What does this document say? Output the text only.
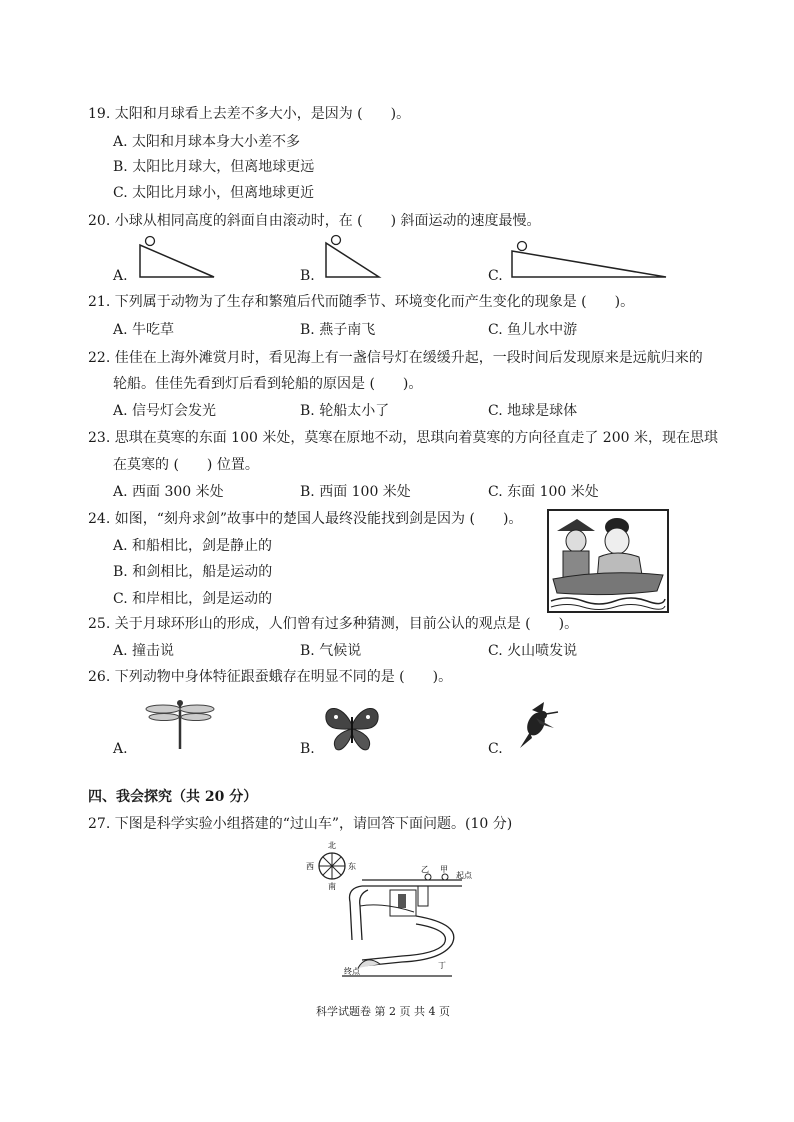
19. 太阳和月球看上去差不多大小，是因为 (　　)。
A. 太阳和月球本身大小差不多
B. 太阳比月球大，但离地球更远
C. 太阳比月球小，但离地球更近
20. 小球从相同高度的斜面自由滚动时，在 (　　) 斜面运动的速度最慢。
A.	B.	C.
21. 下列属于动物为了生存和繁殖后代而随季节、环境变化而产生变化的现象是 (　　)。
A. 牛吃草	B. 燕子南飞	C. 鱼儿水中游
22. 佳佳在上海外滩赏月时，看见海上有一盏信号灯在缓缓升起，一段时间后发现原来是远航归来的
轮船。佳佳先看到灯后看到轮船的原因是 (　　)。
A. 信号灯会发光	B. 轮船太小了	C. 地球是球体
23. 思琪在莫寒的东面 100 米处，莫寒在原地不动，思琪向着莫寒的方向径直走了 200 米，现在思琪
在莫寒的 (　　) 位置。
A. 西面 300 米处	B. 西面 100 米处	C. 东面 100 米处
24. 如图，“刻舟求剑”故事中的楚国人最终没能找到剑是因为 (　　)。
A. 和船相比，剑是静止的
B. 和剑相比，船是运动的
C. 和岸相比，剑是运动的
25. 关于月球环形山的形成，人们曾有过多种猜测，目前公认的观点是 (　　)。
A. 撞击说	B. 气候说	C. 火山喷发说
26. 下列动物中身体特征跟蚕蛾存在明显不同的是 (　　)。
A.	B.	C.
四、我会探究（共 20 分）
27. 下图是科学实验小组搭建的“过山车”，请回答下面问题。(10 分)
北
南
东
西	乙 甲
起点
丁
终点
科学试题卷 第 2 页 共 4 页
